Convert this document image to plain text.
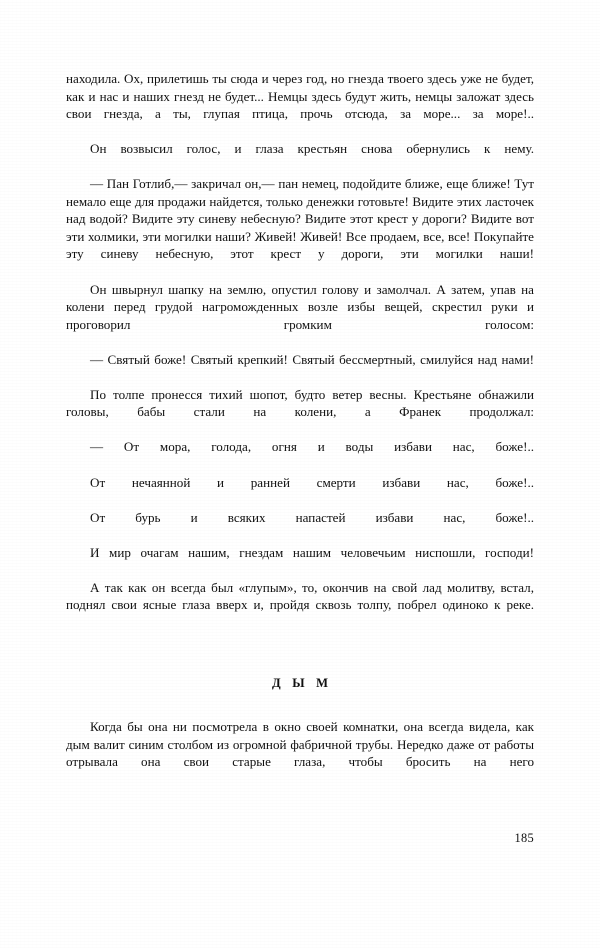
находила. Ох, прилетишь ты сюда и через год, но гнезда твоего здесь уже не будет, как и нас и наших гнезд не будет... Немцы здесь будут жить, немцы заложат здесь свои гнезда, а ты, глупая птица, прочь отсюда, за море... за море!..

Он возвысил голос, и глаза крестьян снова обернулись к нему.

— Пан Готлиб,— закричал он,— пан немец, подойдите ближе, еще ближе! Тут немало еще для продажи найдется, только денежки готовьте! Видите этих ласточек над водой? Видите эту синеву небесную? Видите этот крест у дороги? Видите вот эти холмики, эти могилки наши? Живей! Живей! Все продаем, все, все! Покупайте эту синеву небесную, этот крест у дороги, эти могилки наши!

Он швырнул шапку на землю, опустил голову и замолчал. А затем, упав на колени перед грудой нагроможденных возле избы вещей, скрестил руки и проговорил громким голосом:

— Святый боже! Святый крепкий! Святый бессмертный, смилуйся над нами!

По толпе пронесся тихий шопот, будто ветер весны. Крестьяне обнажили головы, бабы стали на колени, а Франек продолжал:

— От мора, голода, огня и воды избави нас, боже!..

От нечаянной и ранней смерти избави нас, боже!..

От бурь и всяких напастей избави нас, боже!..

И мир очагам нашим, гнездам нашим человечьим ниспошли, господи!

А так как он всегда был «глупым», то, окончив на свой лад молитву, встал, поднял свои ясные глаза вверх и, пройдя сквозь толпу, побрел одиноко к реке.

Д Ы М

Когда бы она ни посмотрела в окно своей комнатки, она всегда видела, как дым валит синим столбом из огромной фабричной трубы. Нередко даже от работы отрывала она свои старые глаза, чтобы бросить на него

185
